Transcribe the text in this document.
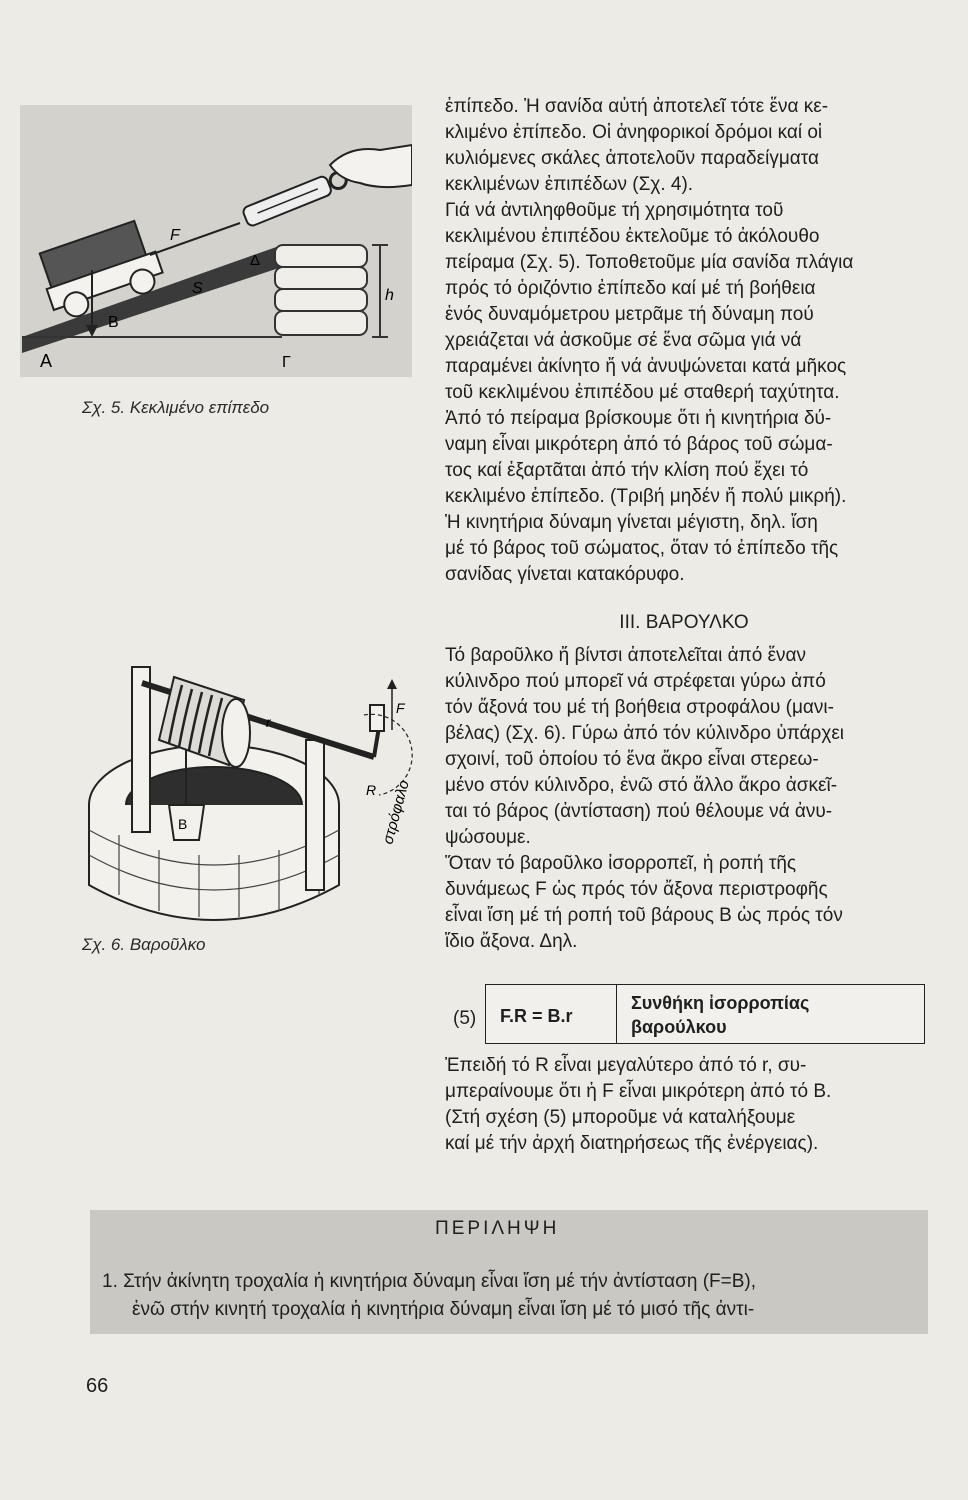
Α
Β
Γ
Δ
F
S	h
Σχ. 5. Κεκλιμένο επίπεδο
r
R
F
Β	στρόφαλο
Σχ. 6. Βαροῦλκο

ἐπίπεδο. Ἡ σανίδα αὐτή ἀποτελεῖ τότε ἕνα κε-
κλιμένο ἐπίπεδο. Οἱ ἀνηφορικοί δρόμοι καί οἱ
κυλιόμενες σκάλες ἀποτελοῦν παραδείγματα
κεκλιμένων ἐπιπέδων (Σχ. 4).
Γιά νά ἀντιληφθοῦμε τή χρησιμότητα τοῦ
κεκλιμένου ἐπιπέδου ἐκτελοῦμε τό ἀκόλουθο
πείραμα (Σχ. 5). Τοποθετοῦμε μία σανίδα πλάγια
πρός τό ὁριζόντιο ἐπίπεδο καί μέ τή βοήθεια
ἑνός δυναμόμετρου μετρᾶμε τή δύναμη πού
χρειάζεται νά ἀσκοῦμε σέ ἕνα σῶμα γιά νά
παραμένει ἀκίνητο ἤ νά ἀνυψώνεται κατά μῆκος
τοῦ κεκλιμένου ἐπιπέδου μέ σταθερή ταχύτητα.
Ἀπό τό πείραμα βρίσκουμε ὅτι ἡ κινητήρια δύ-
ναμη εἶναι μικρότερη ἀπό τό βάρος τοῦ σώμα-
τος καί ἐξαρτᾶται ἀπό τήν κλίση πού ἔχει τό
κεκλιμένο ἐπίπεδο. (Τριβή μηδέν ἤ πολύ μικρή).
Ἡ κινητήρια δύναμη γίνεται μέγιστη, δηλ. ἴση
μέ τό βάρος τοῦ σώματος, ὅταν τό ἐπίπεδο τῆς
σανίδας γίνεται κατακόρυφο.

III. ΒΑΡΟΥΛΚΟ

Τό βαροῦλκο ἤ βίντσι ἀποτελεῖται ἀπό ἕναν
κύλινδρο πού μπορεῖ νά στρέφεται γύρω ἀπό
τόν ἄξονά του μέ τή βοήθεια στροφάλου (μανι-
βέλας) (Σχ. 6). Γύρω ἀπό τόν κύλινδρο ὑπάρχει
σχοινί, τοῦ ὁποίου τό ἕνα ἄκρο εἶναι στερεω-
μένο στόν κύλινδρο, ἐνῶ στό ἄλλο ἄκρο ἀσκεῖ-
ται τό βάρος (ἀντίσταση) πού θέλουμε νά ἀνυ-
ψώσουμε.
Ὅταν τό βαροῦλκο ἰσορροπεῖ, ἡ ροπή τῆς
δυνάμεως F ὡς πρός τόν ἄξονα περιστροφῆς
εἶναι ἴση μέ τή ροπή τοῦ βάρους Β ὡς πρός τόν
ἴδιο ἄξονα. Δηλ.

(5) F.R = B.r
Συνθήκη ἰσορροπίας
βαρούλκου

Ἐπειδή τό R εἶναι μεγαλύτερο ἀπό τό r, συ-
μπεραίνουμε ὅτι ἡ F εἶναι μικρότερη ἀπό τό Β.
(Στή σχέση (5) μποροῦμε νά καταλήξουμε
καί μέ τήν ἀρχή διατηρήσεως τῆς ἐνέργειας).

ΠΕΡΙΛΗΨΗ
1. Στήν ἀκίνητη τροχαλία ἡ κινητήρια δύναμη εἶναι ἴση μέ τήν ἀντίσταση (F=B),
ἐνῶ στήν κινητή τροχαλία ἡ κινητήρια δύναμη εἶναι ἴση μέ τό μισό τῆς ἀντι-
66
